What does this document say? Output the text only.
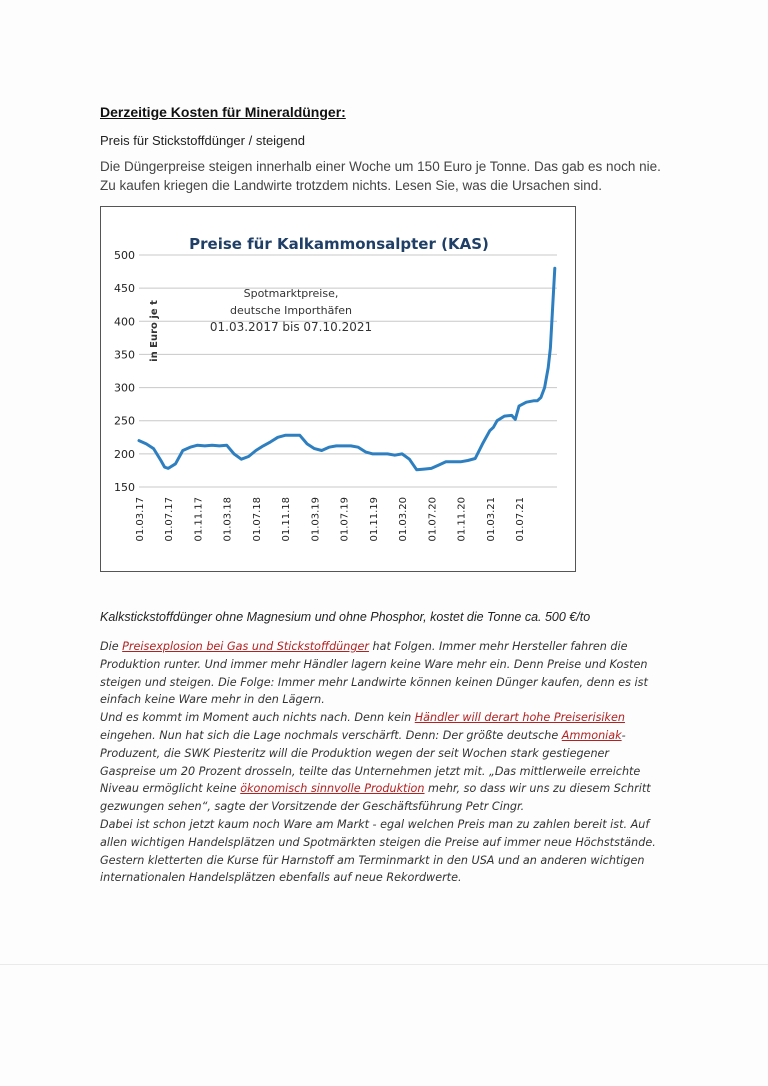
Derzeitige Kosten für Mineraldünger:
Preis für Stickstoffdünger / steigend
Die Düngerpreise steigen innerhalb einer Woche um 150 Euro je Tonne. Das gab es noch nie. Zu kaufen kriegen die Landwirte trotzdem nichts. Lesen Sie, was die Ursachen sind.
Preise für Kalkammonsalpter (KAS)
in Euro je t
Spotmarktpreise,
deutsche Importhäfen
01.03.2017 bis 07.10.2021
150
200
250
300
350
400
450
500
01.03.17 01.07.17 01.11.17 01.03.18 01.07.18 01.11.18 01.03.19 01.07.19 01.11.19 01.03.20 01.07.20 01.11.20 01.03.21 01.07.21
Kalkstickstoffdünger ohne Magnesium und ohne Phosphor, kostet die Tonne ca. 500 €/to

Die Preisexplosion bei Gas und Stickstoffdünger hat Folgen. Immer mehr Hersteller fahren die Produktion runter. Und immer mehr Händler lagern keine Ware mehr ein. Denn Preise und Kosten steigen und steigen. Die Folge: Immer mehr Landwirte können keinen Dünger kaufen, denn es ist einfach keine Ware mehr in den Lägern.

Und es kommt im Moment auch nichts nach. Denn kein Händler will derart hohe Preiserisiken eingehen. Nun hat sich die Lage nochmals verschärft. Denn: Der größte deutsche Ammoniak-Produzent, die SWK Piesteritz will die Produktion wegen der seit Wochen stark gestiegener Gaspreise um 20 Prozent drosseln, teilte das Unternehmen jetzt mit. „Das mittlerweile erreichte Niveau ermöglicht keine ökonomisch sinnvolle Produktion mehr, so dass wir uns zu diesem Schritt gezwungen sehen“, sagte der Vorsitzende der Geschäftsführung Petr Cingr.

Dabei ist schon jetzt kaum noch Ware am Markt - egal welchen Preis man zu zahlen bereit ist. Auf allen wichtigen Handelsplätzen und Spotmärkten steigen die Preise auf immer neue Höchststände. Gestern kletterten die Kurse für Harnstoff am Terminmarkt in den USA und an anderen wichtigen internationalen Handelsplätzen ebenfalls auf neue Rekordwerte.
